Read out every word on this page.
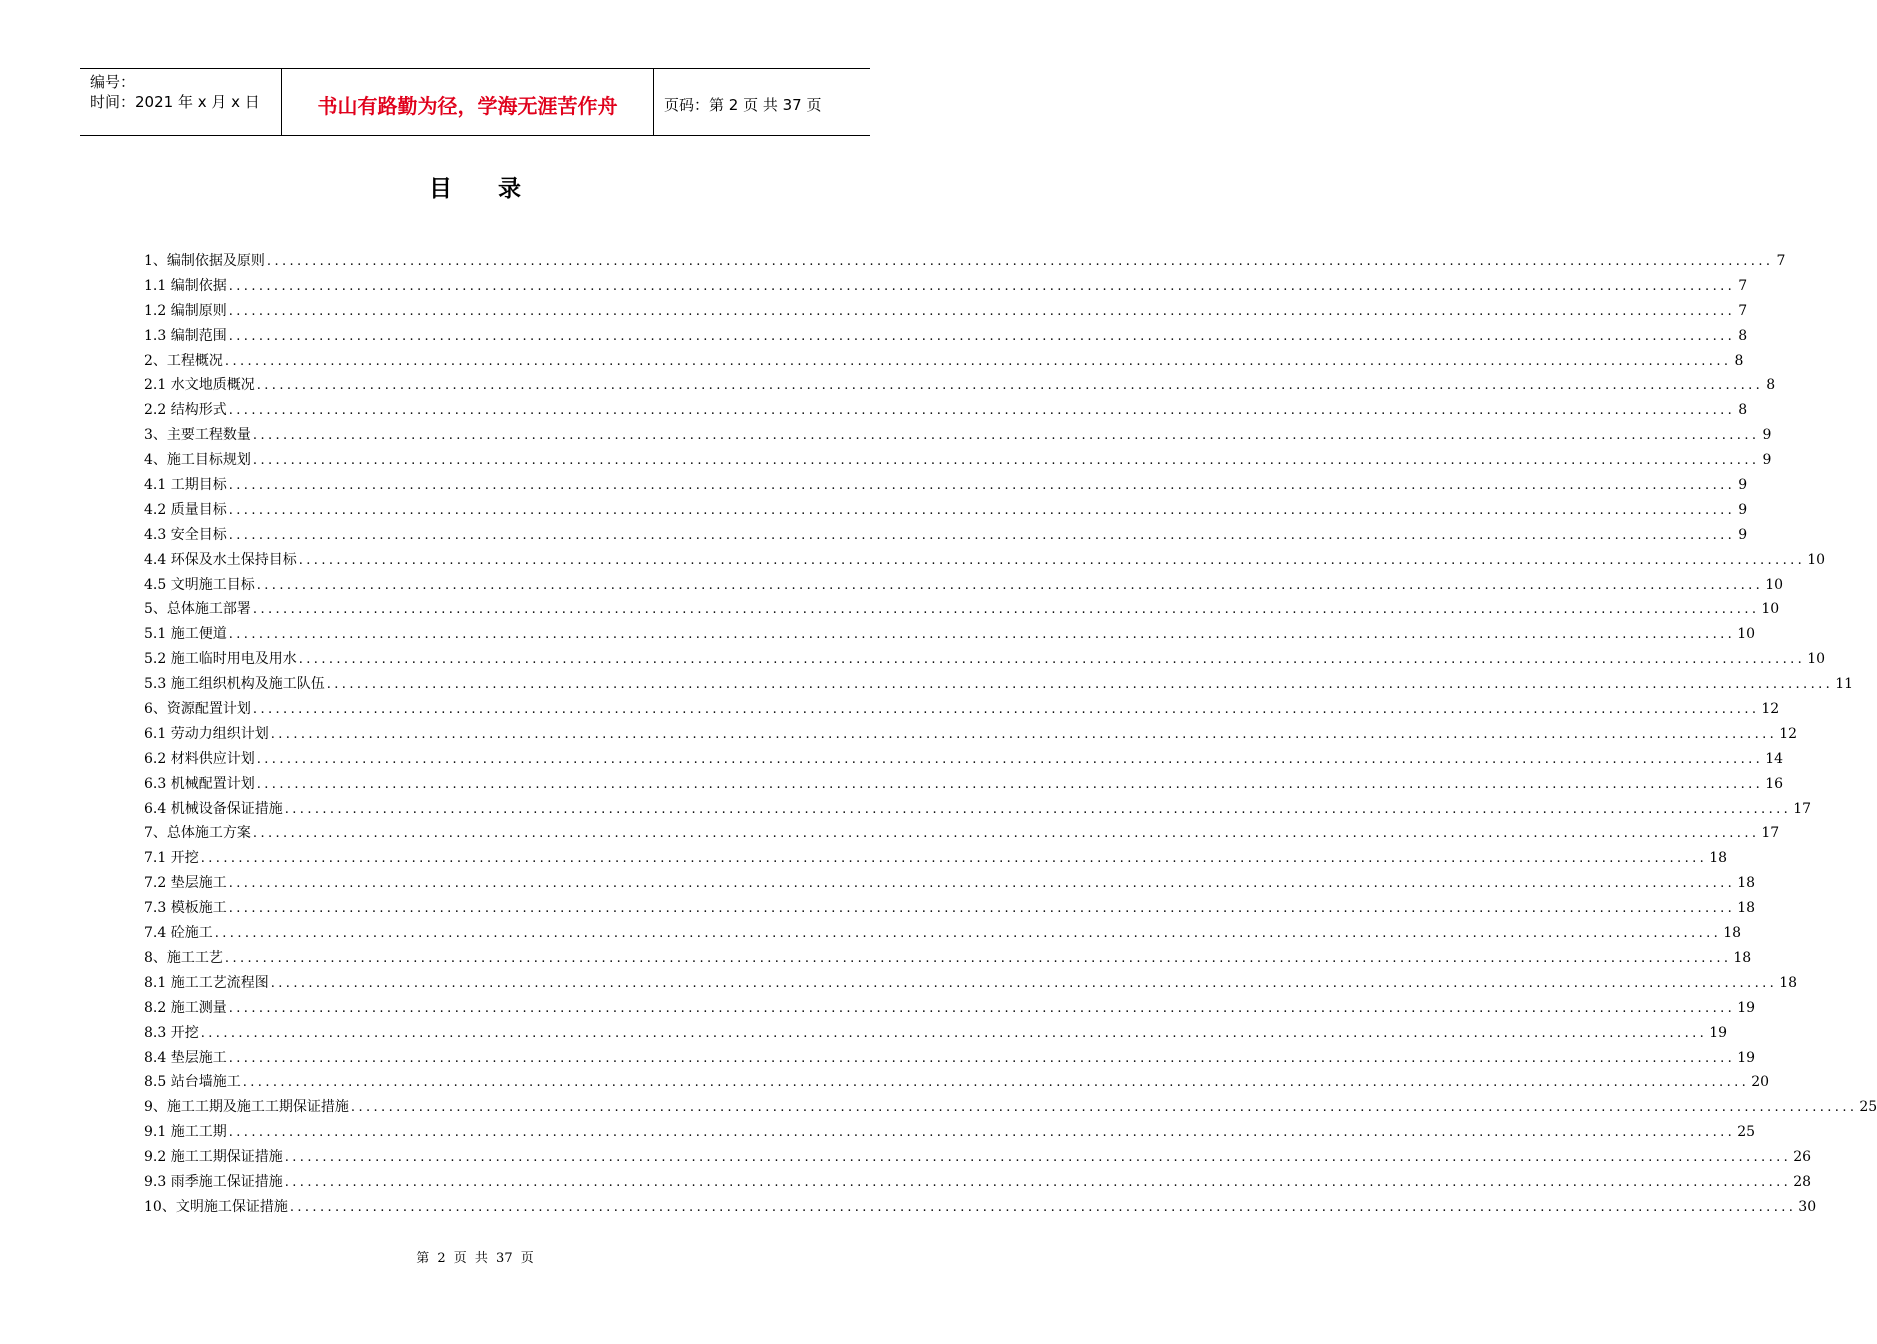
编号：
时间：2021 年 x 月 x 日	书山有路勤为径，学海无涯苦作舟	页码：第 2 页 共 37 页
目录
1、编制依据及原则 ........................................................................................................................................................................................................ 7
1.1 编制依据 ........................................................................................................................................................................................................ 7
1.2 编制原则 ........................................................................................................................................................................................................ 7
1.3 编制范围 ........................................................................................................................................................................................................ 8
2、工程概况 ........................................................................................................................................................................................................ 8
2.1 水文地质概况 ........................................................................................................................................................................................................ 8
2.2 结构形式 ........................................................................................................................................................................................................ 8
3、主要工程数量 ........................................................................................................................................................................................................ 9
4、施工目标规划 ........................................................................................................................................................................................................ 9
4.1 工期目标 ........................................................................................................................................................................................................ 9
4.2 质量目标 ........................................................................................................................................................................................................ 9
4.3 安全目标 ........................................................................................................................................................................................................ 9
4.4 环保及水土保持目标 ........................................................................................................................................................................................................ 10
4.5 文明施工目标 ........................................................................................................................................................................................................ 10
5、总体施工部署 ........................................................................................................................................................................................................ 10
5.1 施工便道 ........................................................................................................................................................................................................ 10
5.2 施工临时用电及用水 ........................................................................................................................................................................................................ 10
5.3 施工组织机构及施工队伍 ........................................................................................................................................................................................................ 11
6、资源配置计划 ........................................................................................................................................................................................................ 12
6.1 劳动力组织计划 ........................................................................................................................................................................................................ 12
6.2 材料供应计划 ........................................................................................................................................................................................................ 14
6.3 机械配置计划 ........................................................................................................................................................................................................ 16
6.4 机械设备保证措施 ........................................................................................................................................................................................................ 17
7、总体施工方案 ........................................................................................................................................................................................................ 17
7.1 开挖 ........................................................................................................................................................................................................ 18
7.2 垫层施工 ........................................................................................................................................................................................................ 18
7.3 模板施工 ........................................................................................................................................................................................................ 18
7.4 砼施工 ........................................................................................................................................................................................................ 18
8、施工工艺 ........................................................................................................................................................................................................ 18
8.1 施工工艺流程图 ........................................................................................................................................................................................................ 18
8.2 施工测量 ........................................................................................................................................................................................................ 19
8.3 开挖 ........................................................................................................................................................................................................ 19
8.4 垫层施工 ........................................................................................................................................................................................................ 19
8.5 站台墙施工 ........................................................................................................................................................................................................ 20
9、施工工期及施工工期保证措施 ........................................................................................................................................................................................................ 25
9.1 施工工期 ........................................................................................................................................................................................................ 25
9.2 施工工期保证措施 ........................................................................................................................................................................................................ 26
9.3 雨季施工保证措施 ........................................................................................................................................................................................................ 28
10、文明施工保证措施 ........................................................................................................................................................................................................ 30
第 2 页 共 37 页
